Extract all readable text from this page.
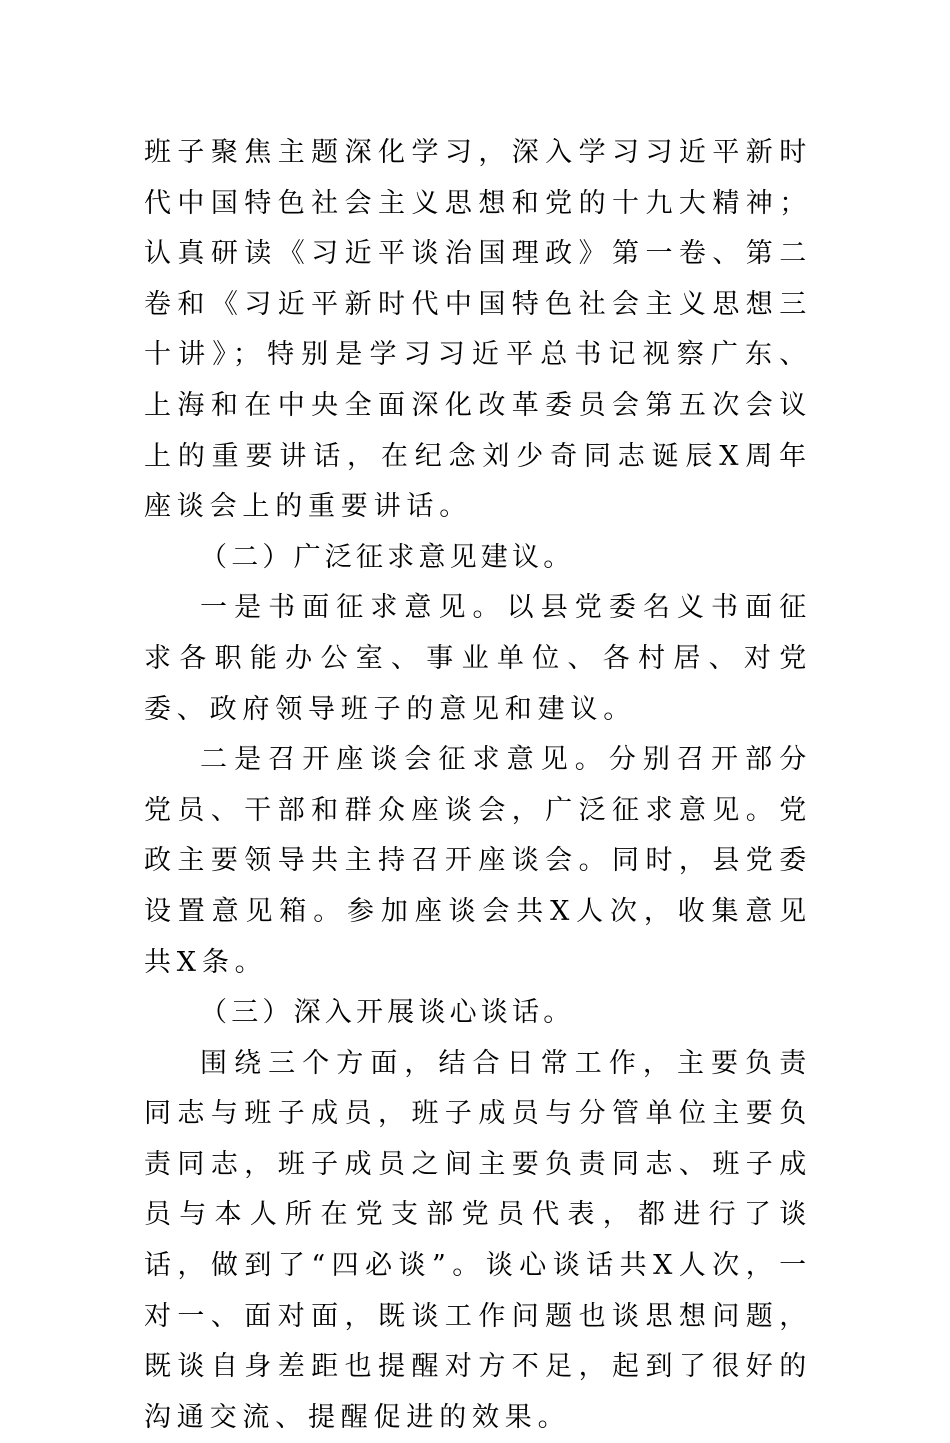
班子聚焦主题深化学习，深入学习习近平新时代中国特色社会主义思想和党的十九大精神；认真研读《习近平谈治国理政》第一卷、第二卷和《习近平新时代中国特色社会主义思想三十讲》；特别是学习习近平总书记视察广东、上海和在中央全面深化改革委员会第五次会议上的重要讲话，在纪念刘少奇同志诞辰X周年座谈会上的重要讲话。

（二）广泛征求意见建议。

一是书面征求意见。以县党委名义书面征求各职能办公室、事业单位、各村居、对党委、政府领导班子的意见和建议。

二是召开座谈会征求意见。分别召开部分党员、干部和群众座谈会，广泛征求意见。党政主要领导共主持召开座谈会。同时，县党委设置意见箱。参加座谈会共X人次，收集意见共X条。

（三）深入开展谈心谈话。

围绕三个方面，结合日常工作，主要负责同志与班子成员，班子成员与分管单位主要负责同志，班子成员之间主要负责同志、班子成员与本人所在党支部党员代表，都进行了谈话，做到了“四必谈”。谈心谈话共X人次，一对一、面对面，既谈工作问题也谈思想问题，既谈自身差距也提醒对方不足，起到了很好的沟通交流、提醒促进的效果。
